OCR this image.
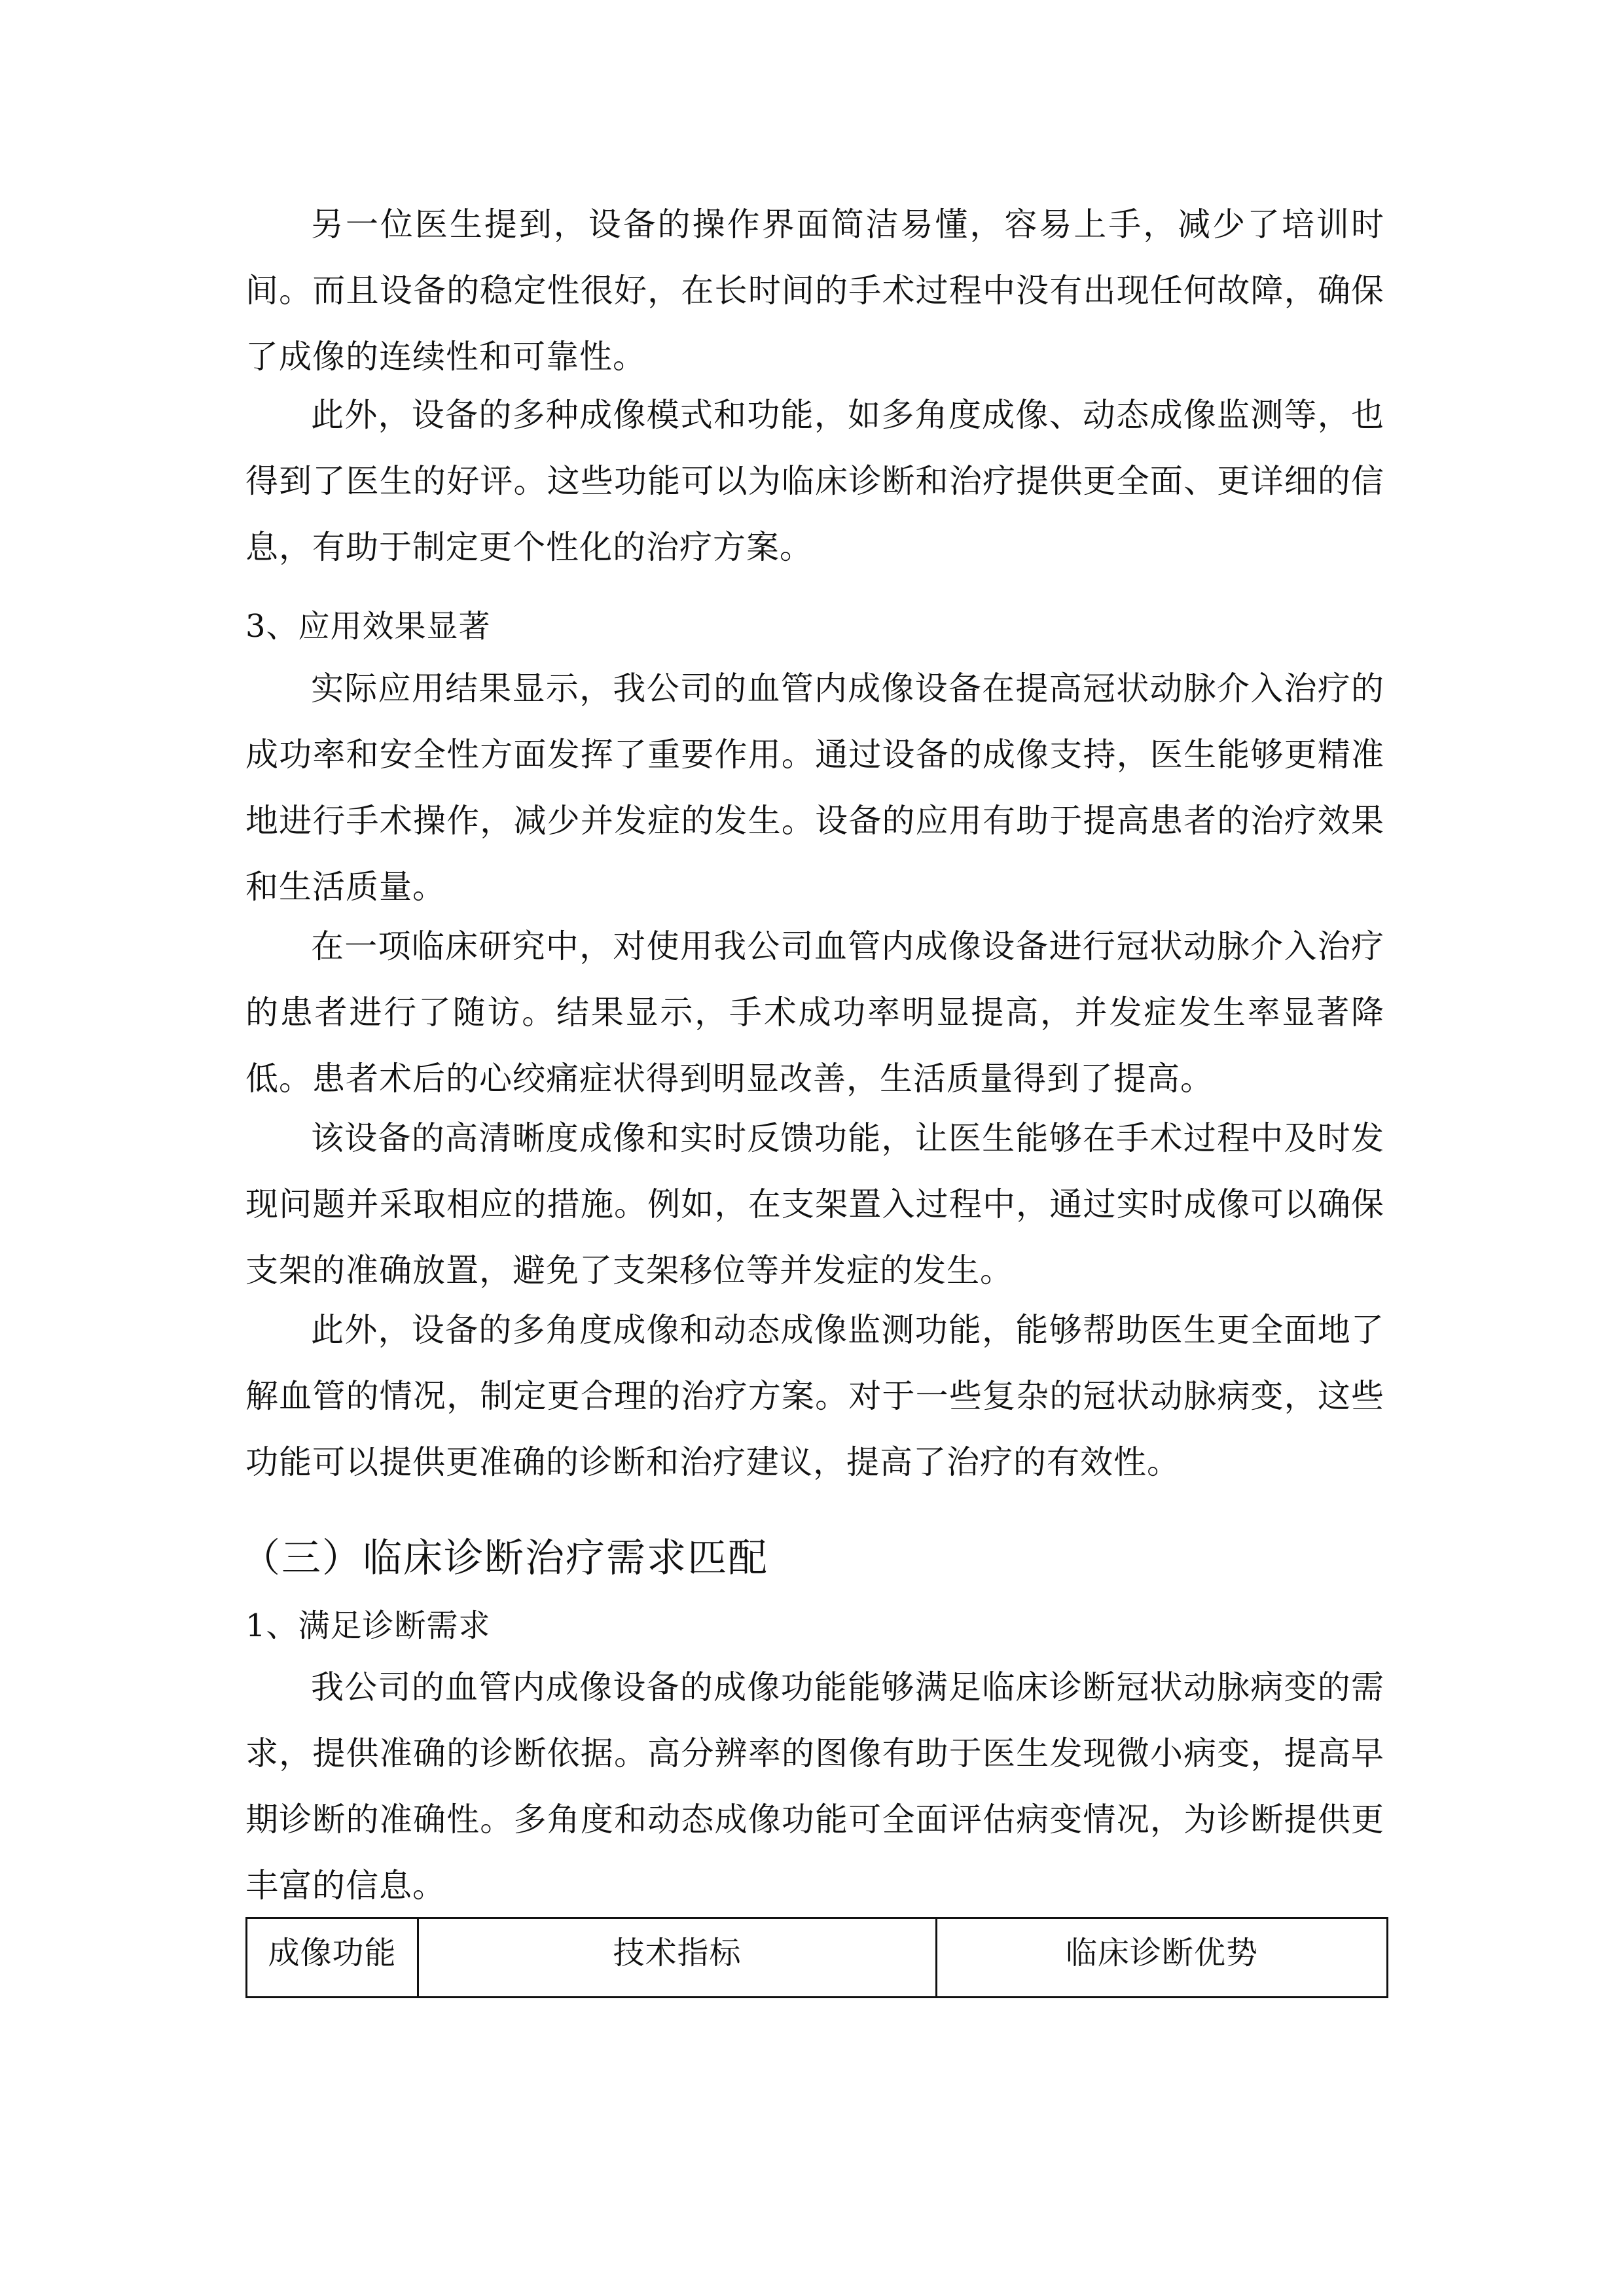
另一位医生提到，设备的操作界面简洁易懂，容易上手，减少了培训时间。而且设备的稳定性很好，在长时间的手术过程中没有出现任何故障，确保了成像的连续性和可靠性。

此外，设备的多种成像模式和功能，如多角度成像、动态成像监测等，也得到了医生的好评。这些功能可以为临床诊断和治疗提供更全面、更详细的信息，有助于制定更个性化的治疗方案。

3、应用效果显著

实际应用结果显示，我公司的血管内成像设备在提高冠状动脉介入治疗的成功率和安全性方面发挥了重要作用。通过设备的成像支持，医生能够更精准地进行手术操作，减少并发症的发生。设备的应用有助于提高患者的治疗效果和生活质量。

在一项临床研究中，对使用我公司血管内成像设备进行冠状动脉介入治疗的患者进行了随访。结果显示，手术成功率明显提高，并发症发生率显著降低。患者术后的心绞痛症状得到明显改善，生活质量得到了提高。

该设备的高清晰度成像和实时反馈功能，让医生能够在手术过程中及时发现问题并采取相应的措施。例如，在支架置入过程中，通过实时成像可以确保支架的准确放置，避免了支架移位等并发症的发生。

此外，设备的多角度成像和动态成像监测功能，能够帮助医生更全面地了解血管的情况，制定更合理的治疗方案。对于一些复杂的冠状动脉病变，这些功能可以提供更准确的诊断和治疗建议，提高了治疗的有效性。

（三）临床诊断治疗需求匹配
1、满足诊断需求

我公司的血管内成像设备的成像功能能够满足临床诊断冠状动脉病变的需求，提供准确的诊断依据。高分辨率的图像有助于医生发现微小病变，提高早期诊断的准确性。多角度和动态成像功能可全面评估病变情况，为诊断提供更丰富的信息。

成像功能	技术指标	临床诊断优势
